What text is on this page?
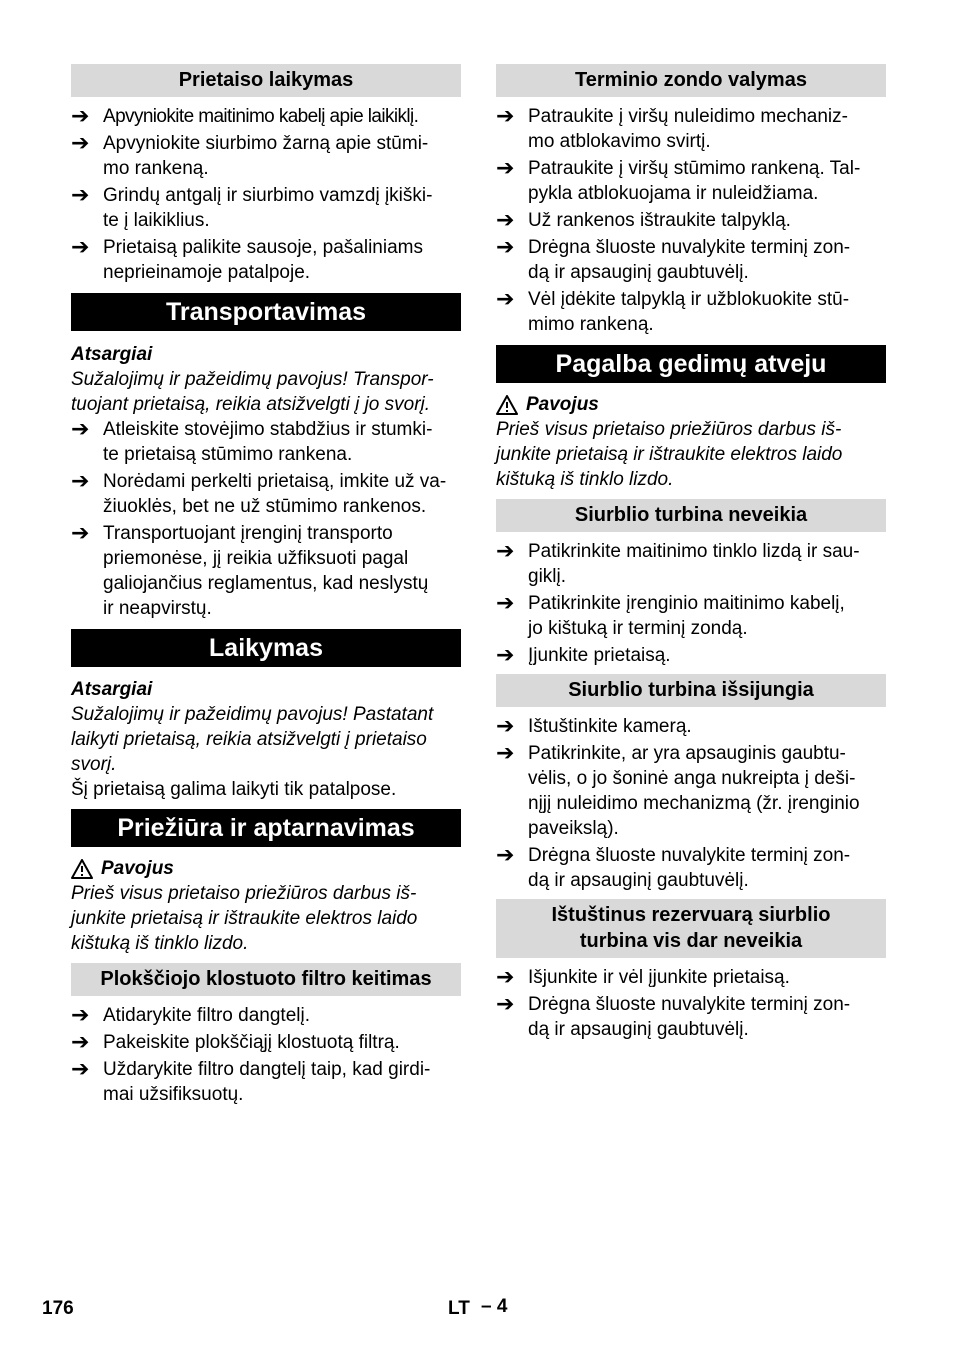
Prietaiso laikymas
➔ Apvyniokite maitinimo kabelį apie laikiklį.
➔ Apvyniokite siurbimo žarną apie stūmi-
mo rankeną.
➔ Grindų antgalį ir siurbimo vamzdį įkiški-
te į laikiklius.
➔ Prietaisą palikite sausoje, pašaliniams
neprieinamoje patalpoje.
Transportavimas
Atsargiai
Sužalojimų ir pažeidimų pavojus! Transpor-
tuojant prietaisą, reikia atsižvelgti į jo svorį.
➔ Atleiskite stovėjimo stabdžius ir stumki-
te prietaisą stūmimo rankena.
➔ Norėdami perkelti prietaisą, imkite už va-
žiuoklės, bet ne už stūmimo rankenos.
➔ Transportuojant įrenginį transporto
priemonėse, jį reikia užfiksuoti pagal
galiojančius reglamentus, kad neslystų
ir neapvirstų.
Laikymas
Atsargiai
Sužalojimų ir pažeidimų pavojus! Pastatant
laikyti prietaisą, reikia atsižvelgti į prietaiso
svorį.
Šį prietaisą galima laikyti tik patalpose.
Priežiūra ir aptarnavimas
Pavojus
Prieš visus prietaiso priežiūros darbus iš-
junkite prietaisą ir ištraukite elektros laido
kištuką iš tinklo lizdo.
Plokščiojo klostuoto filtro keitimas
➔ Atidarykite filtro dangtelį.
➔ Pakeiskite plokščiąjį klostuotą filtrą.
➔ Uždarykite filtro dangtelį taip, kad girdi-
mai užsifiksuotų.
Terminio zondo valymas
➔ Patraukite į viršų nuleidimo mechaniz-
mo atblokavimo svirtį.
➔ Patraukite į viršų stūmimo rankeną. Tal-
pykla atblokuojama ir nuleidžiama.
➔ Už rankenos ištraukite talpyklą.
➔ Drėgna šluoste nuvalykite terminį zon-
dą ir apsauginį gaubtuvėlį.
➔ Vėl įdėkite talpyklą ir užblokuokite stū-
mimo rankeną.
Pagalba gedimų atveju
Pavojus
Prieš visus prietaiso priežiūros darbus iš-
junkite prietaisą ir ištraukite elektros laido
kištuką iš tinklo lizdo.
Siurblio turbina neveikia
➔ Patikrinkite maitinimo tinklo lizdą ir sau-
giklį.
➔ Patikrinkite įrenginio maitinimo kabelį,
jo kištuką ir terminį zondą.
➔ Įjunkite prietaisą.
Siurblio turbina išsijungia
➔ Ištuštinkite kamerą.
➔ Patikrinkite, ar yra apsauginis gaubtu-
vėlis, o jo šoninė anga nukreipta į deši-
nįjį nuleidimo mechanizmą (žr. įrenginio
paveikslą).
➔ Drėgna šluoste nuvalykite terminį zon-
dą ir apsauginį gaubtuvėlį.
Ištuštinus rezervuarą siurblio
turbina vis dar neveikia
➔ Išjunkite ir vėl įjunkite prietaisą.
➔ Drėgna šluoste nuvalykite terminį zon-
dą ir apsauginį gaubtuvėlį.
176	LT – 4
